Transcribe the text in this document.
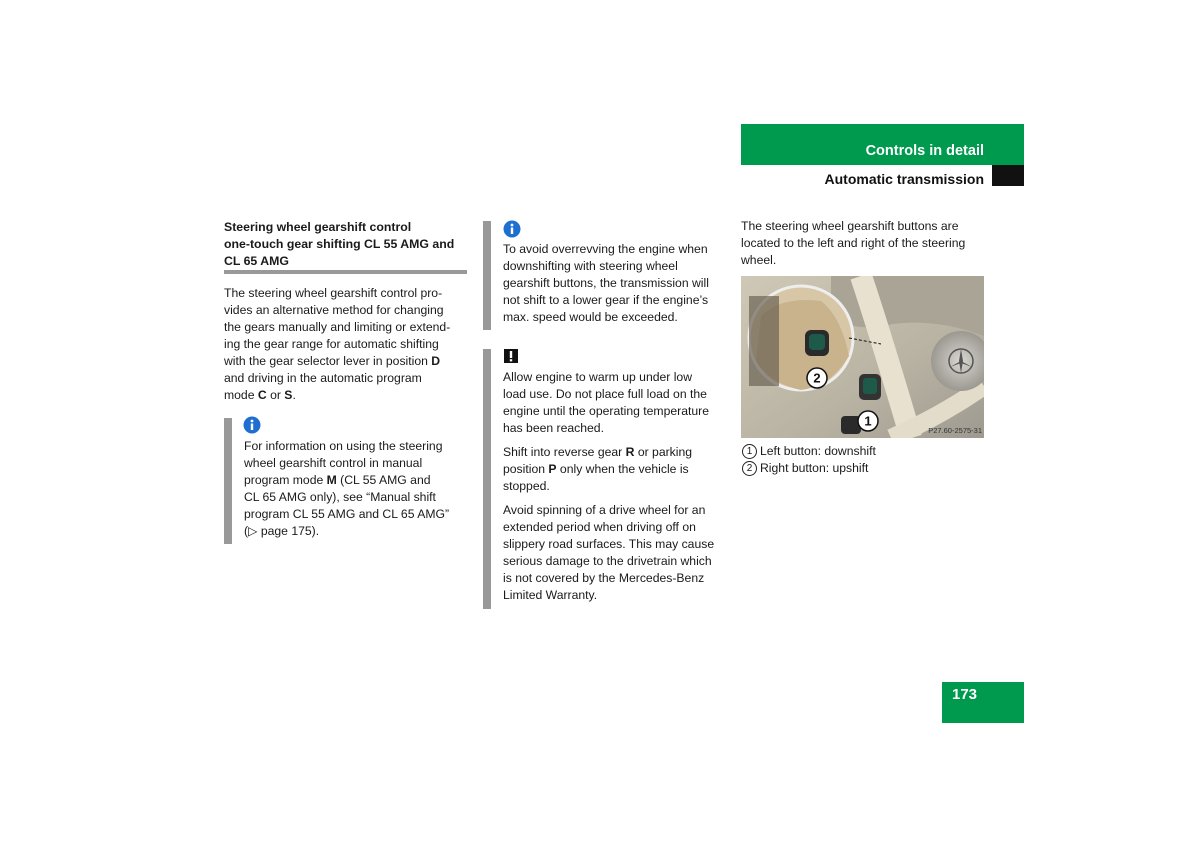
Controls in detail
Automatic transmission
Steering wheel gearshift control
one-touch gear shifting CL 55 AMG and
CL 65 AMG
The steering wheel gearshift control pro-
vides an alternative method for changing
the gears manually and limiting or extend-
ing the gear range for automatic shifting
with the gear selector lever in position D
and driving in the automatic program
mode C or S.
For information on using the steering
wheel gearshift control in manual
program mode M (CL 55 AMG and
CL 65 AMG only), see “Manual shift
program CL 55 AMG and CL 65 AMG”
(▷ page 175).
To avoid overrevving the engine when
downshifting with steering wheel
gearshift buttons, the transmission will
not shift to a lower gear if the engine’s
max. speed would be exceeded.
Allow engine to warm up under low
load use. Do not place full load on the
engine until the operating temperature
has been reached.
Shift into reverse gear R or parking
position P only when the vehicle is
stopped.
Avoid spinning of a drive wheel for an
extended period when driving off on
slippery road surfaces. This may cause
serious damage to the drivetrain which
is not covered by the Mercedes-Benz
Limited Warranty.
The steering wheel gearshift buttons are
located to the left and right of the steering
wheel.
2
1
P27.60-2575-31
1 Left button: downshift
2 Right button: upshift
173
